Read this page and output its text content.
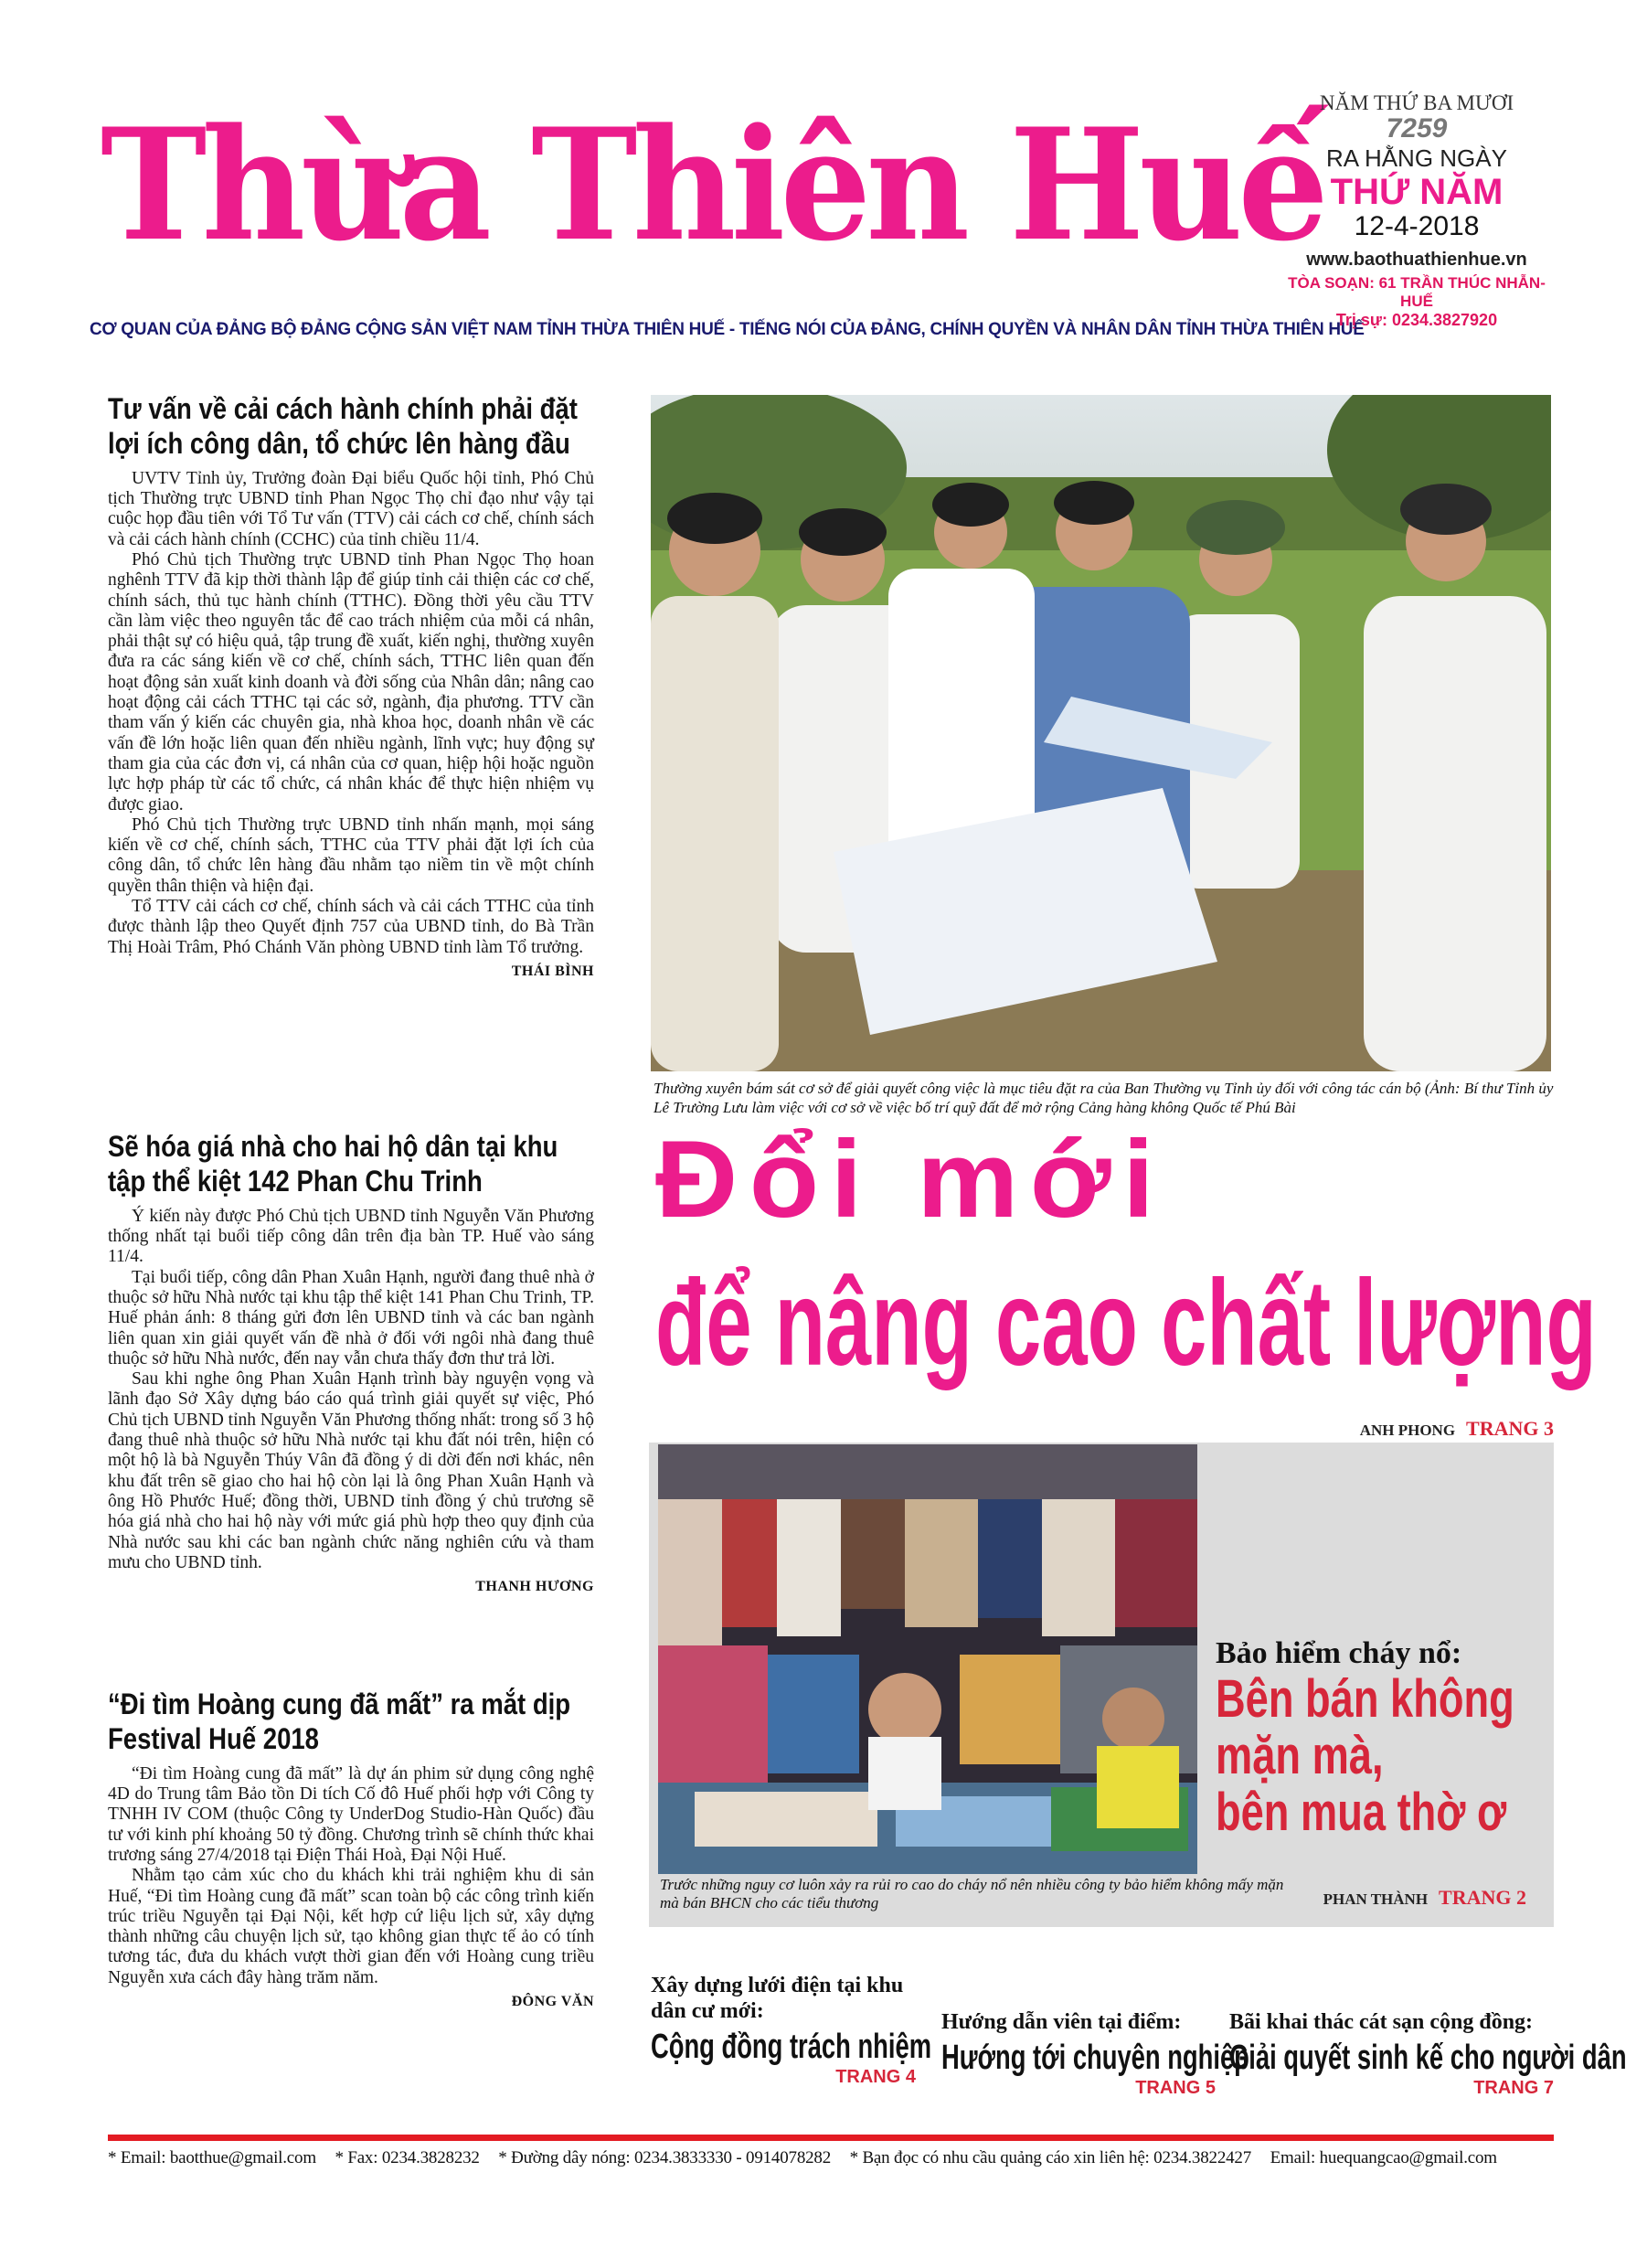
Thừa Thiên Huế
CƠ QUAN CỦA ĐẢNG BỘ ĐẢNG CỘNG SẢN VIỆT NAM TỈNH THỪA THIÊN HUẾ - TIẾNG NÓI CỦA ĐẢNG, CHÍNH QUYỀN VÀ NHÂN DÂN TỈNH THỪA THIÊN HUẾ
NĂM THỨ BA MƯƠI
7259
RA HẰNG NGÀY
THỨ NĂM
12-4-2018
www.baothuathienhue.vn
TÒA SOẠN: 61 TRẦN THÚC NHẪN-HUẾ
Trị sự: 0234.3827920
Tư vấn về cải cách hành chính phải đặt lợi ích công dân, tổ chức lên hàng đầu

UVTV Tỉnh ủy, Trưởng đoàn Đại biểu Quốc hội tỉnh, Phó Chủ tịch Thường trực UBND tỉnh Phan Ngọc Thọ chỉ đạo như vậy tại cuộc họp đầu tiên với Tổ Tư vấn (TTV) cải cách cơ chế, chính sách và cải cách hành chính (CCHC) của tỉnh chiều 11/4.

Phó Chủ tịch Thường trực UBND tỉnh Phan Ngọc Thọ hoan nghênh TTV đã kịp thời thành lập để giúp tỉnh cải thiện các cơ chế, chính sách, thủ tục hành chính (TTHC). Đồng thời yêu cầu TTV cần làm việc theo nguyên tắc để cao trách nhiệm của mỗi cá nhân, phải thật sự có hiệu quả, tập trung đề xuất, kiến nghị, thường xuyên đưa ra các sáng kiến về cơ chế, chính sách, TTHC liên quan đến hoạt động sản xuất kinh doanh và đời sống của Nhân dân; nâng cao hoạt động cải cách TTHC tại các sở, ngành, địa phương. TTV cần tham vấn ý kiến các chuyên gia, nhà khoa học, doanh nhân về các vấn đề lớn hoặc liên quan đến nhiều ngành, lĩnh vực; huy động sự tham gia của các đơn vị, cá nhân của cơ quan, hiệp hội hoặc nguồn lực hợp pháp từ các tổ chức, cá nhân khác để thực hiện nhiệm vụ được giao.

Phó Chủ tịch Thường trực UBND tỉnh nhấn mạnh, mọi sáng kiến về cơ chế, chính sách, TTHC của TTV phải đặt lợi ích của công dân, tổ chức lên hàng đầu nhằm tạo niềm tin về một chính quyền thân thiện và hiện đại.

Tổ TTV cải cách cơ chế, chính sách và cải cách TTHC của tỉnh được thành lập theo Quyết định 757 của UBND tỉnh, do Bà Trần Thị Hoài Trâm, Phó Chánh Văn phòng UBND tỉnh làm Tổ trưởng.

THÁI BÌNH
Sẽ hóa giá nhà cho hai hộ dân tại khu tập thể kiệt 142 Phan Chu Trinh

Ý kiến này được Phó Chủ tịch UBND tỉnh Nguyễn Văn Phương thống nhất tại buổi tiếp công dân trên địa bàn TP. Huế vào sáng 11/4.

Tại buổi tiếp, công dân Phan Xuân Hạnh, người đang thuê nhà ở thuộc sở hữu Nhà nước tại khu tập thể kiệt 141 Phan Chu Trinh, TP. Huế phản ánh: 8 tháng gửi đơn lên UBND tỉnh và các ban ngành liên quan xin giải quyết vấn đề nhà ở đối với ngôi nhà đang thuê thuộc sở hữu Nhà nước, đến nay vẫn chưa thấy đơn thư trả lời.

Sau khi nghe ông Phan Xuân Hạnh trình bày nguyện vọng và lãnh đạo Sở Xây dựng báo cáo quá trình giải quyết sự việc, Phó Chủ tịch UBND tỉnh Nguyễn Văn Phương thống nhất: trong số 3 hộ đang thuê nhà thuộc sở hữu Nhà nước tại khu đất nói trên, hiện có một hộ là bà Nguyễn Thúy Vân đã đồng ý di dời đến nơi khác, nên khu đất trên sẽ giao cho hai hộ còn lại là ông Phan Xuân Hạnh và ông Hồ Phước Huế; đồng thời, UBND tỉnh đồng ý chủ trương sẽ hóa giá nhà cho hai hộ này với mức giá phù hợp theo quy định của Nhà nước sau khi các ban ngành chức năng nghiên cứu và tham mưu cho UBND tỉnh.

THANH HƯƠNG
“Đi tìm Hoàng cung đã mất” ra mắt dịp Festival Huế 2018

“Đi tìm Hoàng cung đã mất” là dự án phim sử dụng công nghệ 4D do Trung tâm Bảo tồn Di tích Cố đô Huế phối hợp với Công ty TNHH IV COM (thuộc Công ty UnderDog Studio-Hàn Quốc) đầu tư với kinh phí khoảng 50 tỷ đồng. Chương trình sẽ chính thức khai trương sáng 27/4/2018 tại Điện Thái Hoà, Đại Nội Huế.

Nhằm tạo cảm xúc cho du khách khi trải nghiệm khu di sản Huế, “Đi tìm Hoàng cung đã mất” scan toàn bộ các công trình kiến trúc triều Nguyễn tại Đại Nội, kết hợp cứ liệu lịch sử, xây dựng thành những câu chuyện lịch sử, tạo không gian thực tế ảo có tính tương tác, đưa du khách vượt thời gian đến với Hoàng cung triều Nguyễn xưa cách đây hàng trăm năm.

ĐÔNG VĂN
Thường xuyên bám sát cơ sở để giải quyết công việc là mục tiêu đặt ra của Ban Thường vụ Tỉnh ủy đối với công tác cán bộ (Ảnh: Bí thư Tỉnh ủy Lê Trường Lưu làm việc với cơ sở về việc bố trí quỹ đất để mở rộng Cảng hàng không Quốc tế Phú Bài
Đổi mới
để nâng cao chất lượng
ANH PHONG TRANG 3
Trước những nguy cơ luôn xảy ra rủi ro cao do cháy nổ nên nhiều công ty bảo hiểm không mấy mặn mà bán BHCN cho các tiểu thương
Bảo hiểm cháy nổ:
Bên bán không
mặn mà,
bên mua thờ ơ
PHAN THÀNH TRANG 2
Xây dựng lưới điện tại khu dân cư mới:
Cộng đồng trách nhiệm
TRANG 4
Hướng dẫn viên tại điểm:
Hướng tới chuyên nghiệp
TRANG 5
Bãi khai thác cát sạn cộng đồng:
Giải quyết sinh kế cho người dân
TRANG 7
* Email: baotthue@gmail.com * Fax: 0234.3828232 * Đường dây nóng: 0234.3833330 - 0914078282 * Bạn đọc có nhu cầu quảng cáo xin liên hệ: 0234.3822427 Email: huequangcao@gmail.com
